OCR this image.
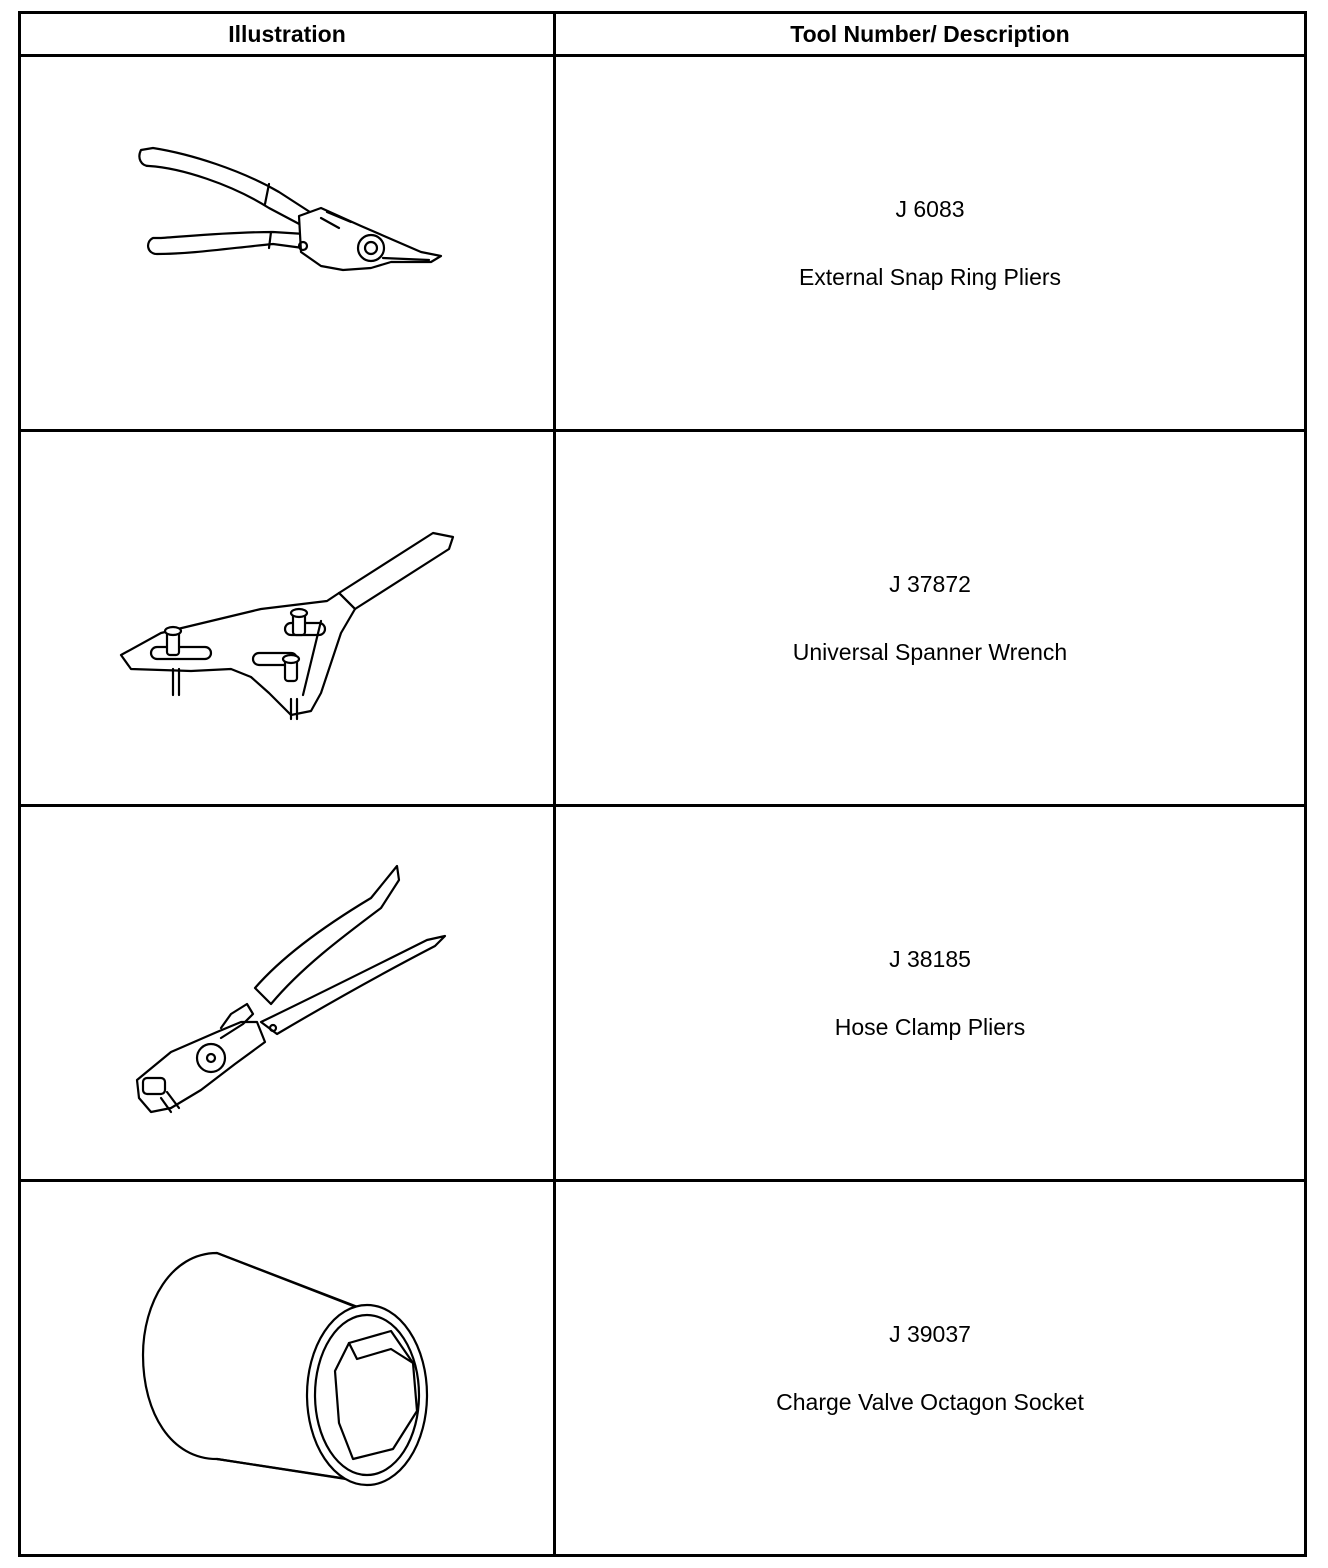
Illustration	Tool Number/ Description

J 6083
External Snap Ring Pliers

J 37872
Universal Spanner Wrench

J 38185
Hose Clamp Pliers

J 39037
Charge Valve Octagon Socket
